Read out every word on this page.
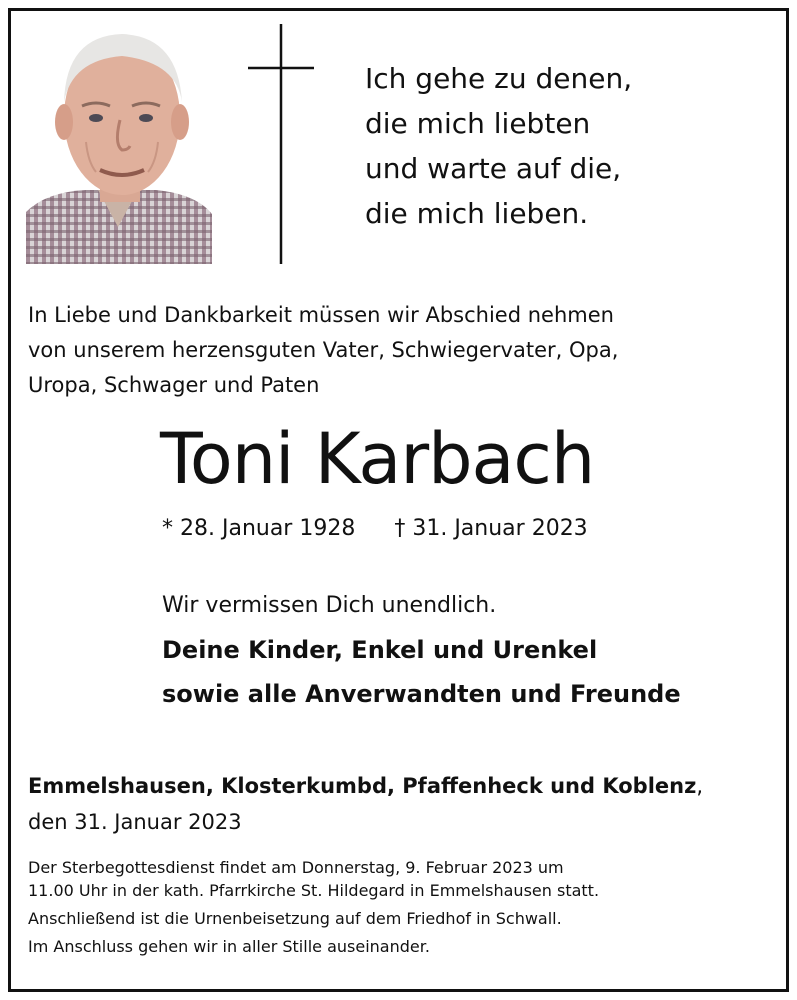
Ich gehe zu denen,
die mich liebten
und warte auf die,
die mich lieben.
In Liebe und Dankbarkeit müssen wir Abschied nehmen
von unserem herzensguten Vater, Schwiegervater, Opa,
Uropa, Schwager und Paten
Toni Karbach
* 28. Januar 1928 † 31. Januar 2023
Wir vermissen Dich unendlich.
Deine Kinder, Enkel und Urenkel
sowie alle Anverwandten und Freunde
Emmelshausen, Klosterkumbd, Pfaffenheck und Koblenz,
den 31. Januar 2023
Der Sterbegottesdienst findet am Donnerstag, 9. Februar 2023 um
11.00 Uhr in der kath. Pfarrkirche St. Hildegard in Emmelshausen statt.
Anschließend ist die Urnenbeisetzung auf dem Friedhof in Schwall.
Im Anschluss gehen wir in aller Stille auseinander.
